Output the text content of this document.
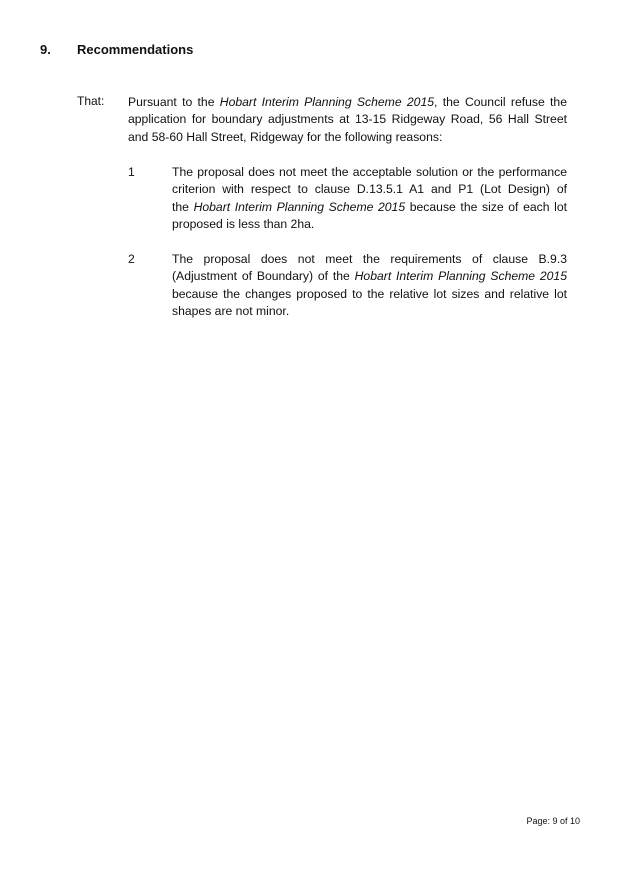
9. Recommendations
That: Pursuant to the Hobart Interim Planning Scheme 2015, the Council refuse the
application for boundary adjustments at 13-15 Ridgeway Road, 56 Hall Street
and 58-60 Hall Street, Ridgeway for the following reasons:
1	The proposal does not meet the acceptable solution or the performance
criterion with respect to clause D.13.5.1 A1 and P1 (Lot Design) of
the Hobart Interim Planning Scheme 2015 because the size of each lot
proposed is less than 2ha.
2	The proposal does not meet the requirements of clause B.9.3
(Adjustment of Boundary) of the Hobart Interim Planning Scheme 2015
because the changes proposed to the relative lot sizes and relative lot
shapes are not minor.
Page: 9 of 10
